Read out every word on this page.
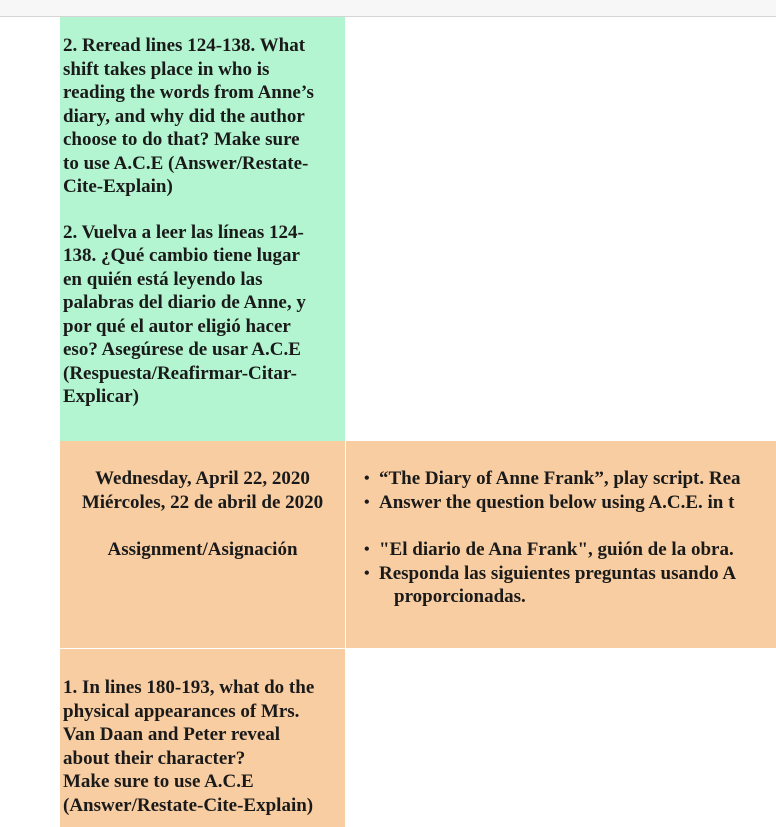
2. Reread lines 124-138. What
shift takes place in who is
reading the words from Anne’s
diary, and why did the author
choose to do that? Make sure
to use A.C.E (Answer/Restate-
Cite-Explain)
2. Vuelva a leer las líneas 124-
138. ¿Qué cambio tiene lugar
en quién está leyendo las
palabras del diario de Anne, y
por qué el autor eligió hacer
eso? Asegúrese de usar A.C.E
(Respuesta/Reafirmar-Citar-
Explicar)
Wednesday, April 22, 2020
Miércoles, 22 de abril de 2020
Assignment/Asignación
• “The Diary of Anne Frank”, play script. Rea
• Answer the question below using A.C.E. in t
• "El diario de Ana Frank", guión de la obra.
• Responda las siguientes preguntas usando A
proporcionadas.
1. In lines 180-193, what do the
physical appearances of Mrs.
Van Daan and Peter reveal
about their character?
Make sure to use A.C.E
(Answer/Restate-Cite-Explain)
